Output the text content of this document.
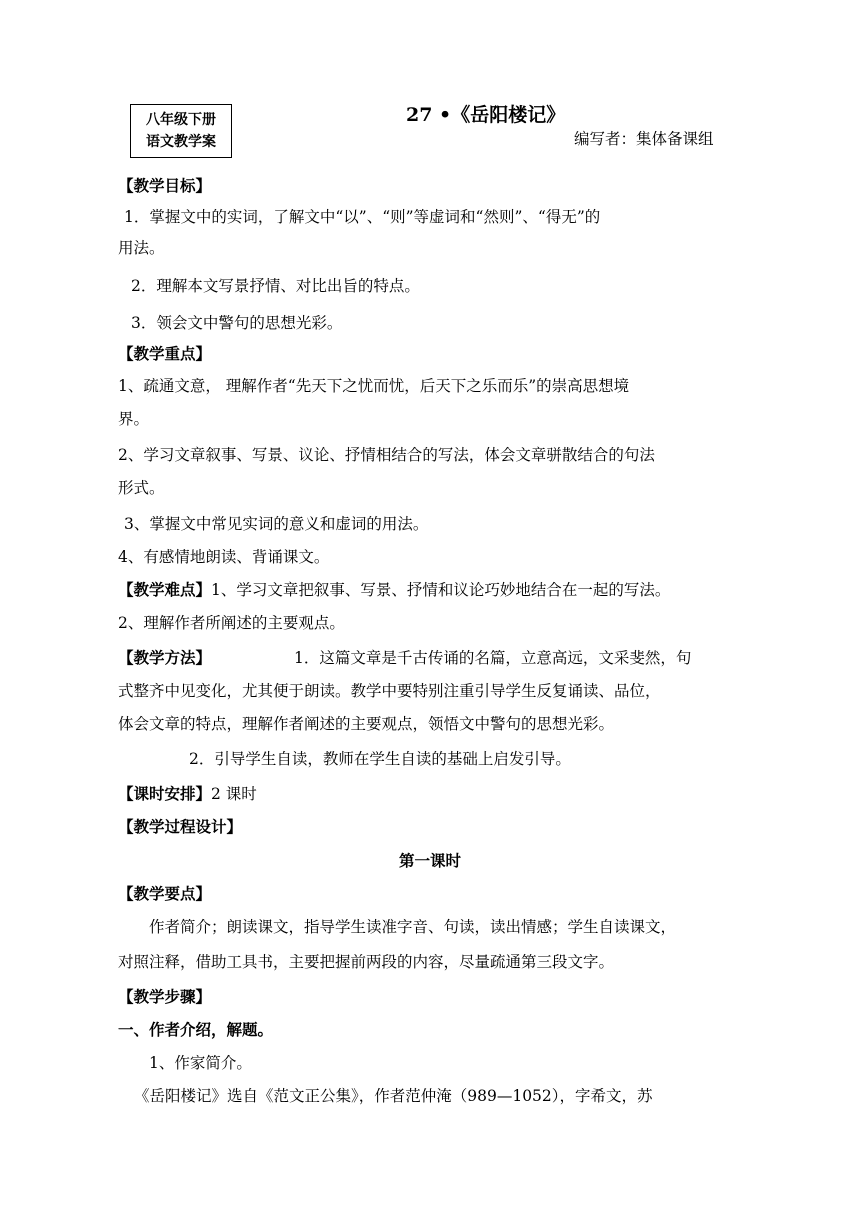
八年级下册
语文教学案
27 •《岳阳楼记》
编写者：集体备课组
【教学目标】
1．掌握文中的实词，了解文中“以”、“则”等虚词和“然则”、“得无”的
用法。
2．理解本文写景抒情、对比出旨的特点。
3．领会文中警句的思想光彩。
【教学重点】
1、疏通文意， 理解作者“先天下之忧而忧，后天下之乐而乐”的崇高思想境
界。
2、学习文章叙事、写景、议论、抒情相结合的写法，体会文章骈散结合的句法
形式。
3、掌握文中常见实词的意义和虚词的用法。
4、有感情地朗读、背诵课文。
【教学难点】1、学习文章把叙事、写景、抒情和议论巧妙地结合在一起的写法。
2、理解作者所阐述的主要观点。
【教学方法】	1．这篇文章是千古传诵的名篇，立意高远，文采斐然，句
式整齐中见变化，尤其便于朗读。教学中要特别注重引导学生反复诵读、品位，
体会文章的特点，理解作者阐述的主要观点，领悟文中警句的思想光彩。
2．引导学生自读，教师在学生自读的基础上启发引导。
【课时安排】2 课时
【教学过程设计】
第一课时
【教学要点】
作者简介；朗读课文，指导学生读准字音、句读，读出情感；学生自读课文，
对照注释，借助工具书，主要把握前两段的内容，尽量疏通第三段文字。
【教学步骤】
一、作者介绍，解题。
1、作家简介。
《岳阳楼记》选自《范文正公集》，作者范仲淹（989—1052），字希文，苏
